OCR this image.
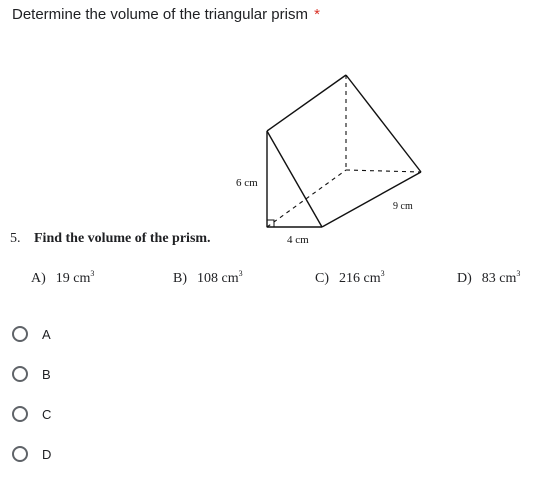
Determine the volume of the triangular prism *
6 cm
4 cm
9 cm
5. Find the volume of the prism.
A) 19 $cm^3$	B) 108 $cm^3$	C) 216 $cm^3$	D) 83 $cm^3$
A
B
C
D
